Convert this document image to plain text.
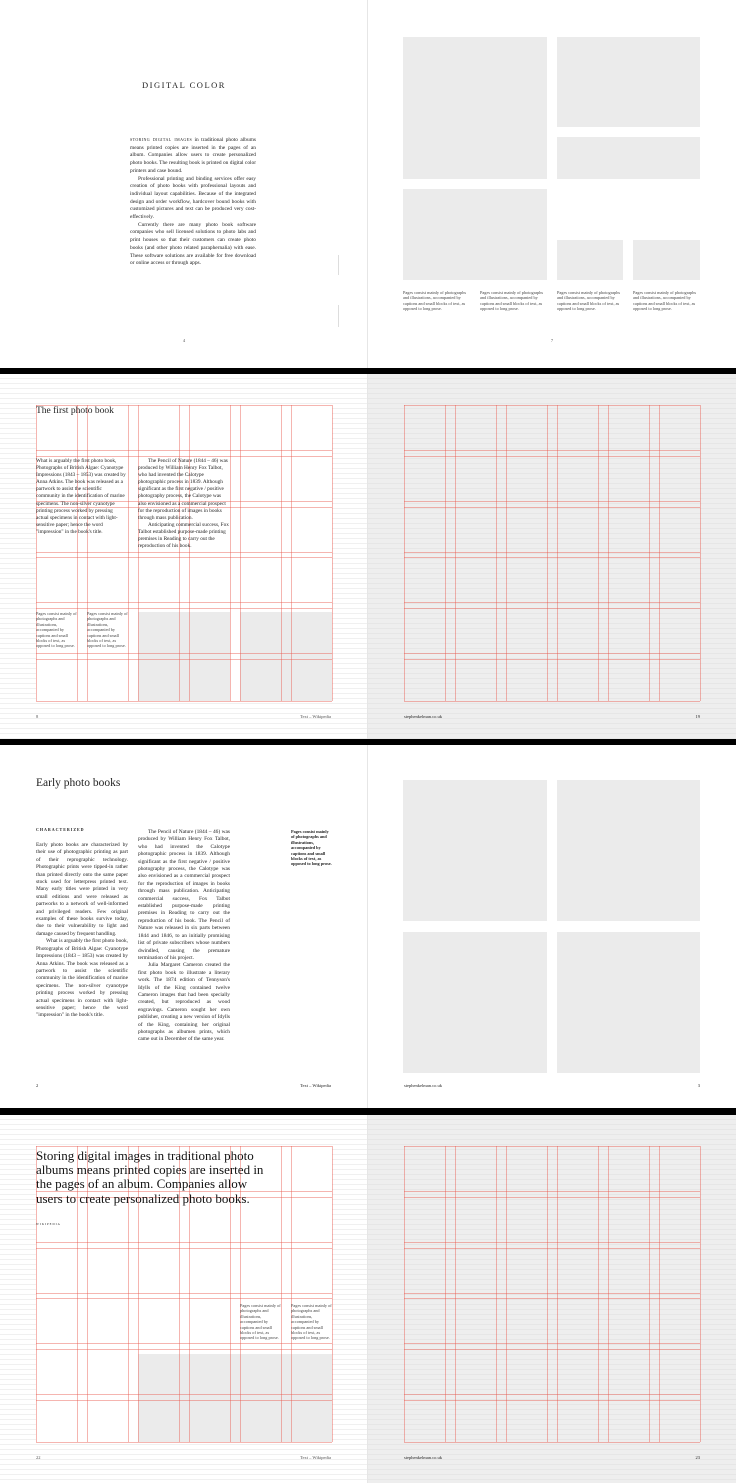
DIGITAL COLOR

storing digital images in traditional photo albums means printed copies are inserted in the pages of an album. Companies allow users to create personalized photo books. The resulting book is printed on digital color printers and case bound.

Professional printing and binding services offer easy creation of photo books with professional layouts and individual layout capabilities. Because of the integrated design and order workflow, hardcover bound books with customized pictures and text can be produced very cost-effectively.

Currently there are many photo book software companies who sell licensed solutions to photo labs and print houses so that their customers can create photo books (and other photo related paraphernalia) with ease. These software solutions are available for free download or online access or through apps.

4
Pages consist mainly of photographs and illustrations, accompanied by captions and small blocks of text, as opposed to long prose.
Pages consist mainly of photographs and illustrations, accompanied by captions and small blocks of text, as opposed to long prose.
Pages consist mainly of photographs and illustrations, accompanied by captions and small blocks of text, as opposed to long prose.
Pages consist mainly of photographs and illustrations, accompanied by captions and small blocks of text, as opposed to long prose.
7
The first photo book
What is arguably the first photo book, Photographs of British Algae: Cyanotype Impressions (1843 – 1853) was created by Anna Atkins. The book was released as a partwork to assist the scientific community in the identification of marine specimens. The non-silver cyanotype printing process worked by pressing actual specimens in contact with light-sensitive paper; hence the word "impression" in the book's title.

The Pencil of Nature (1844 – 46) was produced by William Henry Fox Talbot, who had invented the Calotype photographic process in 1839. Although significant as the first negative / positive photography process, the Calotype was also envisioned as a commercial prospect for the reproduction of images in books through mass publication.

Anticipating commercial success, Fox Talbot established purpose-made printing premises in Reading to carry out the reproduction of his book.

Pages consist mainly of photographs and illustrations, accompanied by captions and small blocks of text, as opposed to long prose.
Pages consist mainly of photographs and illustrations, accompanied by captions and small blocks of text, as opposed to long prose.
8	Text – Wikipedia	stephenkelman.co.uk	19
Early photo books
characterized

Early photo books are characterized by their use of photographic printing as part of their reprographic technology. Photographic prints were tipped-in rather than printed directly onto the same paper stock used for letterpress printed text. Many early titles were printed in very small editions and were released as partworks to a network of well-informed and privileged readers. Few original examples of these books survive today, due to their vulnerability to light and damage caused by frequent handling.

What is arguably the first photo book, Photographs of British Algae: Cyanotype Impressions (1843 – 1853) was created by Anna Atkins. The book was released as a partwork to assist the scientific community in the identification of marine specimens. The non-silver cyanotype printing process worked by pressing actual specimens in contact with light-sensitive paper; hence the word "impression" in the book's title.

The Pencil of Nature (1844 – 46) was produced by William Henry Fox Talbot, who had invented the Calotype photographic process in 1839. Although significant as the first negative / positive photography process, the Calotype was also envisioned as a commercial prospect for the reproduction of images in books through mass publication. Anticipating commercial success, Fox Talbot established purpose-made printing premises in Reading to carry out the reproduction of his book. The Pencil of Nature was released in six parts between 1844 and 1846, to an initially promising list of private subscribers whose numbers dwindled, causing the premature termination of his project.

Julia Margaret Cameron created the first photo book to illustrate a literary work. The 1874 edition of Tennyson's Idylls of the King contained twelve Cameron images that had been specially created, but reproduced as wood engravings. Cameron sought her own publisher, creating a new version of Idylls of the King, containing her original photographs as albumen prints, which came out in December of the same year.

Pages consist mainly of photographs and illustrations, accompanied by captions and small blocks of text, as opposed to long prose.
2	Text – Wikipedia	stephenkelman.co.uk	3
Storing digital images in traditional photo albums means printed copies are inserted in the pages of an album. Companies allow users to create personalized photo books.
wikipedia
Pages consist mainly of photographs and illustrations, accompanied by captions and small blocks of text, as opposed to long prose.
Pages consist mainly of photographs and illustrations, accompanied by captions and small blocks of text, as opposed to long prose.
22	Text – Wikipedia	stephenkelman.co.uk	23
